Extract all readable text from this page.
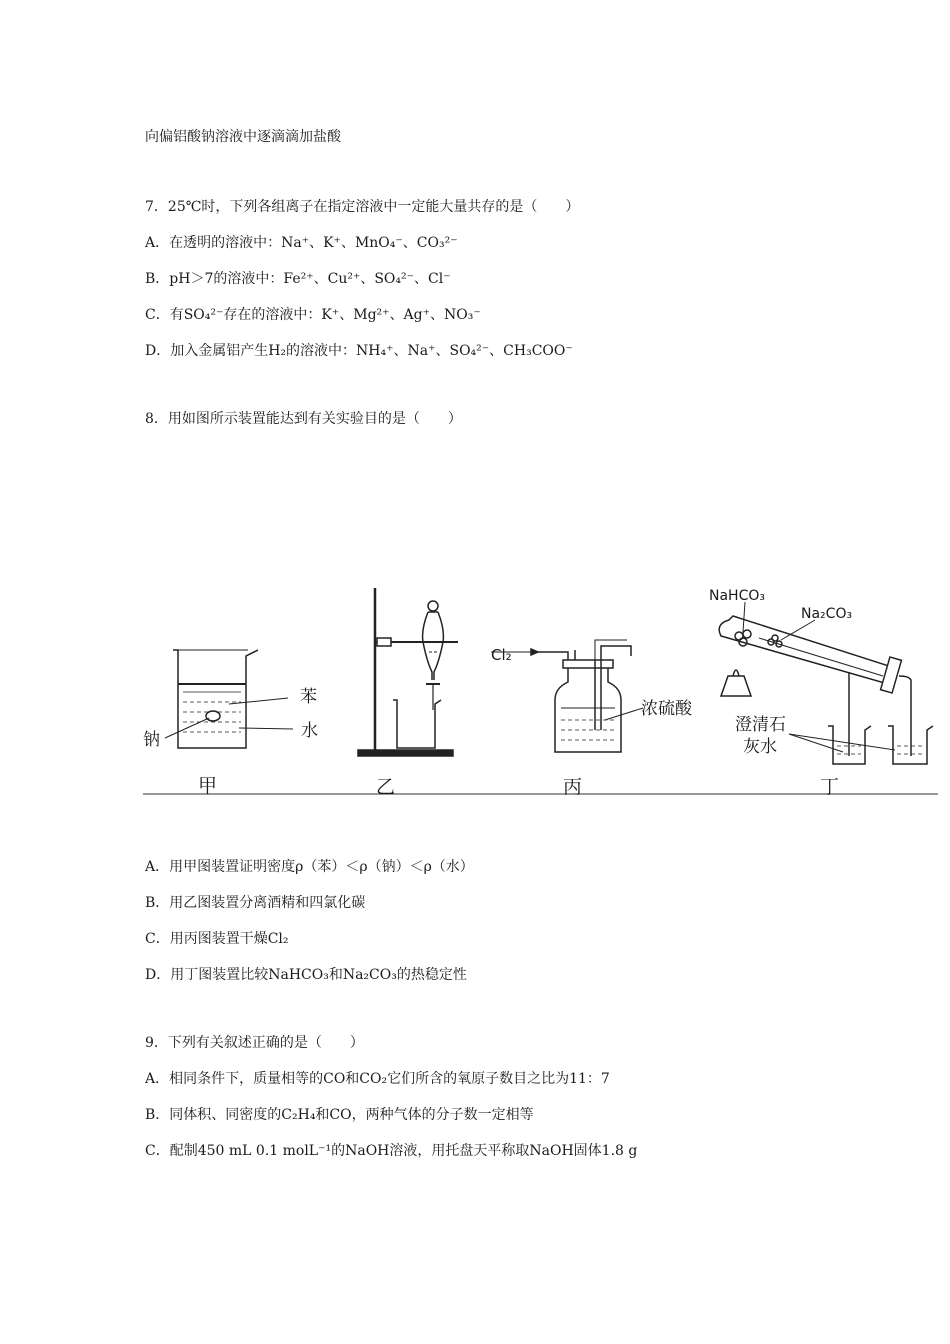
向偏铝酸钠溶液中逐滴滴加盐酸
7．25℃时，下列各组离子在指定溶液中一定能大量共存的是（　　）
A．在透明的溶液中：Na⁺、K⁺、MnO₄⁻、CO₃²⁻
B．pH＞7的溶液中：Fe²⁺、Cu²⁺、SO₄²⁻、Cl⁻
C．有SO₄²⁻存在的溶液中：K⁺、Mg²⁺、Ag⁺、NO₃⁻
D．加入金属铝产生H₂的溶液中：NH₄⁺、Na⁺、SO₄²⁻、CH₃COO⁻
8．用如图所示装置能达到有关实验目的是（　　）
苯
钠	水
甲	乙
Cl₂
浓硫酸
丙
NaHCO₃
Na₂CO₃
澄清石
灰水
丁
A．用甲图装置证明密度ρ（苯）＜ρ（钠）＜ρ（水）
B．用乙图装置分离酒精和四氯化碳
C．用丙图装置干燥Cl₂
D．用丁图装置比较NaHCO₃和Na₂CO₃的热稳定性
9．下列有关叙述正确的是（　　）
A．相同条件下，质量相等的CO和CO₂它们所含的氧原子数目之比为11：7
B．同体积、同密度的C₂H₄和CO，两种气体的分子数一定相等
C．配制450 mL 0.1 molL⁻¹的NaOH溶液，用托盘天平称取NaOH固体1.8 g
